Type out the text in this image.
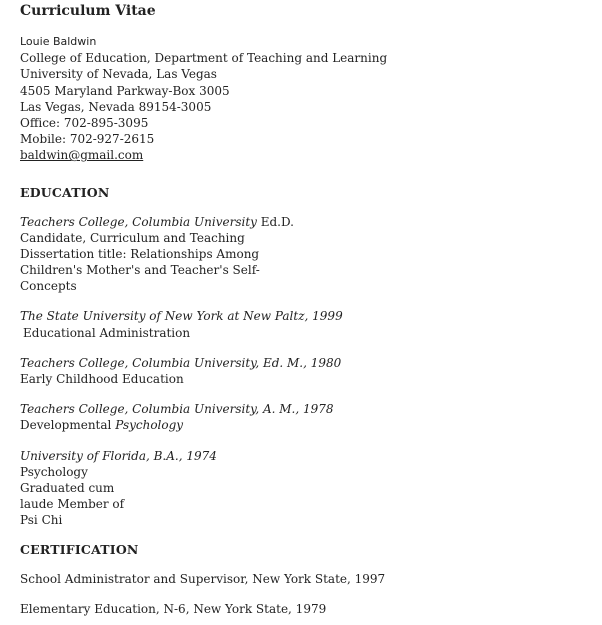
Curriculum Vitae
Louie Baldwin
College of Education, Department of Teaching and Learning
University of Nevada, Las Vegas
4505 Maryland Parkway-Box 3005
Las Vegas, Nevada 89154-3005
Office: 702-895-3095
Mobile: 702-927-2615
baldwin@gmail.com
EDUCATION
Teachers College, Columbia University Ed.D.
Candidate, Curriculum and Teaching
Dissertation title: Relationships Among
Children's Mother's and Teacher's Self-
Concepts
The State University of New York at New Paltz, 1999
Educational Administration
Teachers College, Columbia University, Ed. M., 1980
Early Childhood Education
Teachers College, Columbia University, A. M., 1978
Developmental Psychology
University of Florida, B.A., 1974
Psychology
Graduated cum
laude Member of
Psi Chi
CERTIFICATION
School Administrator and Supervisor, New York State, 1997
Elementary Education, N-6, New York State, 1979
